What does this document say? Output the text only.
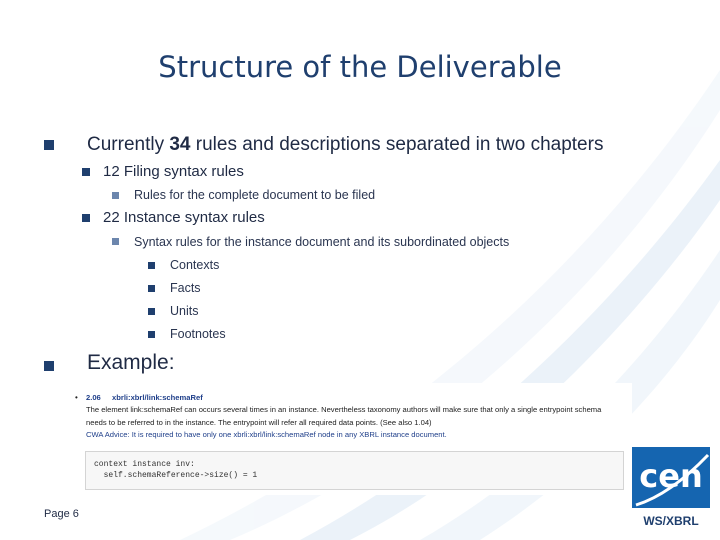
Structure of the Deliverable
Currently 34 rules and descriptions separated in two chapters
12 Filing syntax rules
Rules for the complete document to be filed
22 Instance syntax rules
Syntax rules for the instance document and its subordinated objects
Contexts
Facts
Units
Footnotes
Example:
• 2.06 xbrli:xbrl/link:schemaRef
The element link:schemaRef can occurs several times in an instance. Nevertheless taxonomy authors will make sure that only a single entrypoint schema
needs to be referred to in the instance. The entrypoint will refer all required data points. (See also 1.04)
CWA Advice: It is required to have only one xbrli:xbrl/link:schemaRef node in any XBRL instance document.
context instance inv:
self.schemaReference->size() = 1
Page 6
cen
WS/XBRL
